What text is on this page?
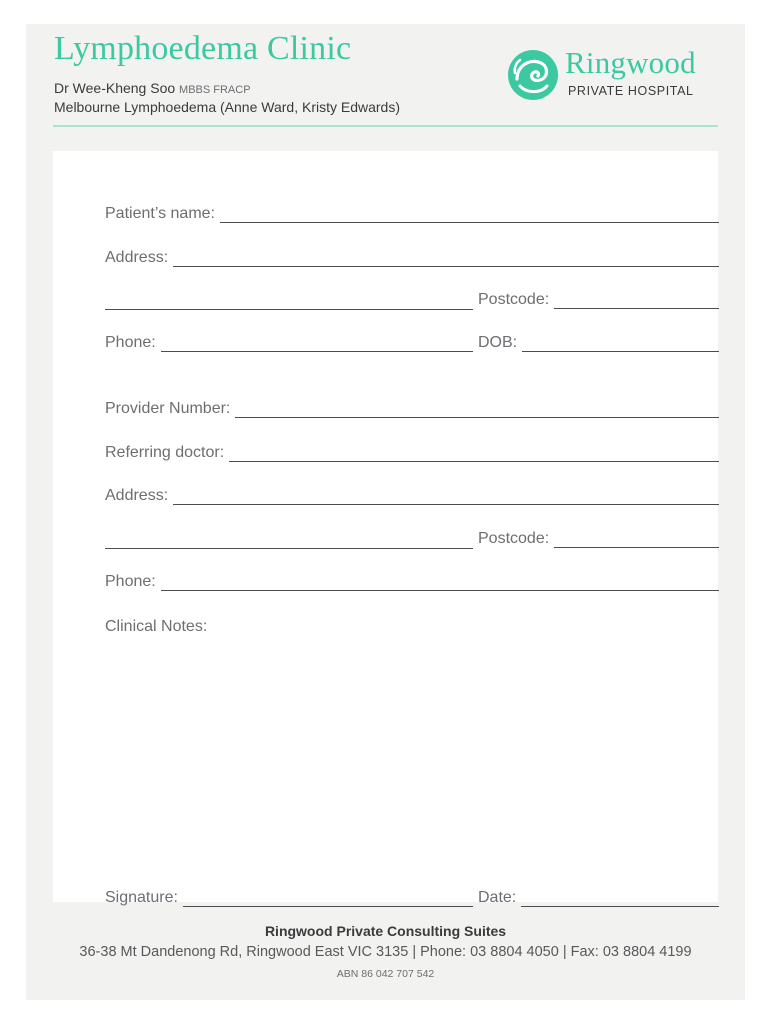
Lymphoedema Clinic
Dr Wee-Kheng Soo MBBS FRACP
Melbourne Lymphoedema (Anne Ward, Kristy Edwards)
Ringwood
PRIVATE HOSPITAL
Patient’s name:
Address:
Postcode:
Phone:	DOB:
Provider Number:
Referring doctor:
Address:
Postcode:
Phone:
Clinical Notes:
Signature:	Date:
Ringwood Private Consulting Suites
36-38 Mt Dandenong Rd, Ringwood East VIC 3135 | Phone: 03 8804 4050 | Fax: 03 8804 4199
ABN 86 042 707 542
